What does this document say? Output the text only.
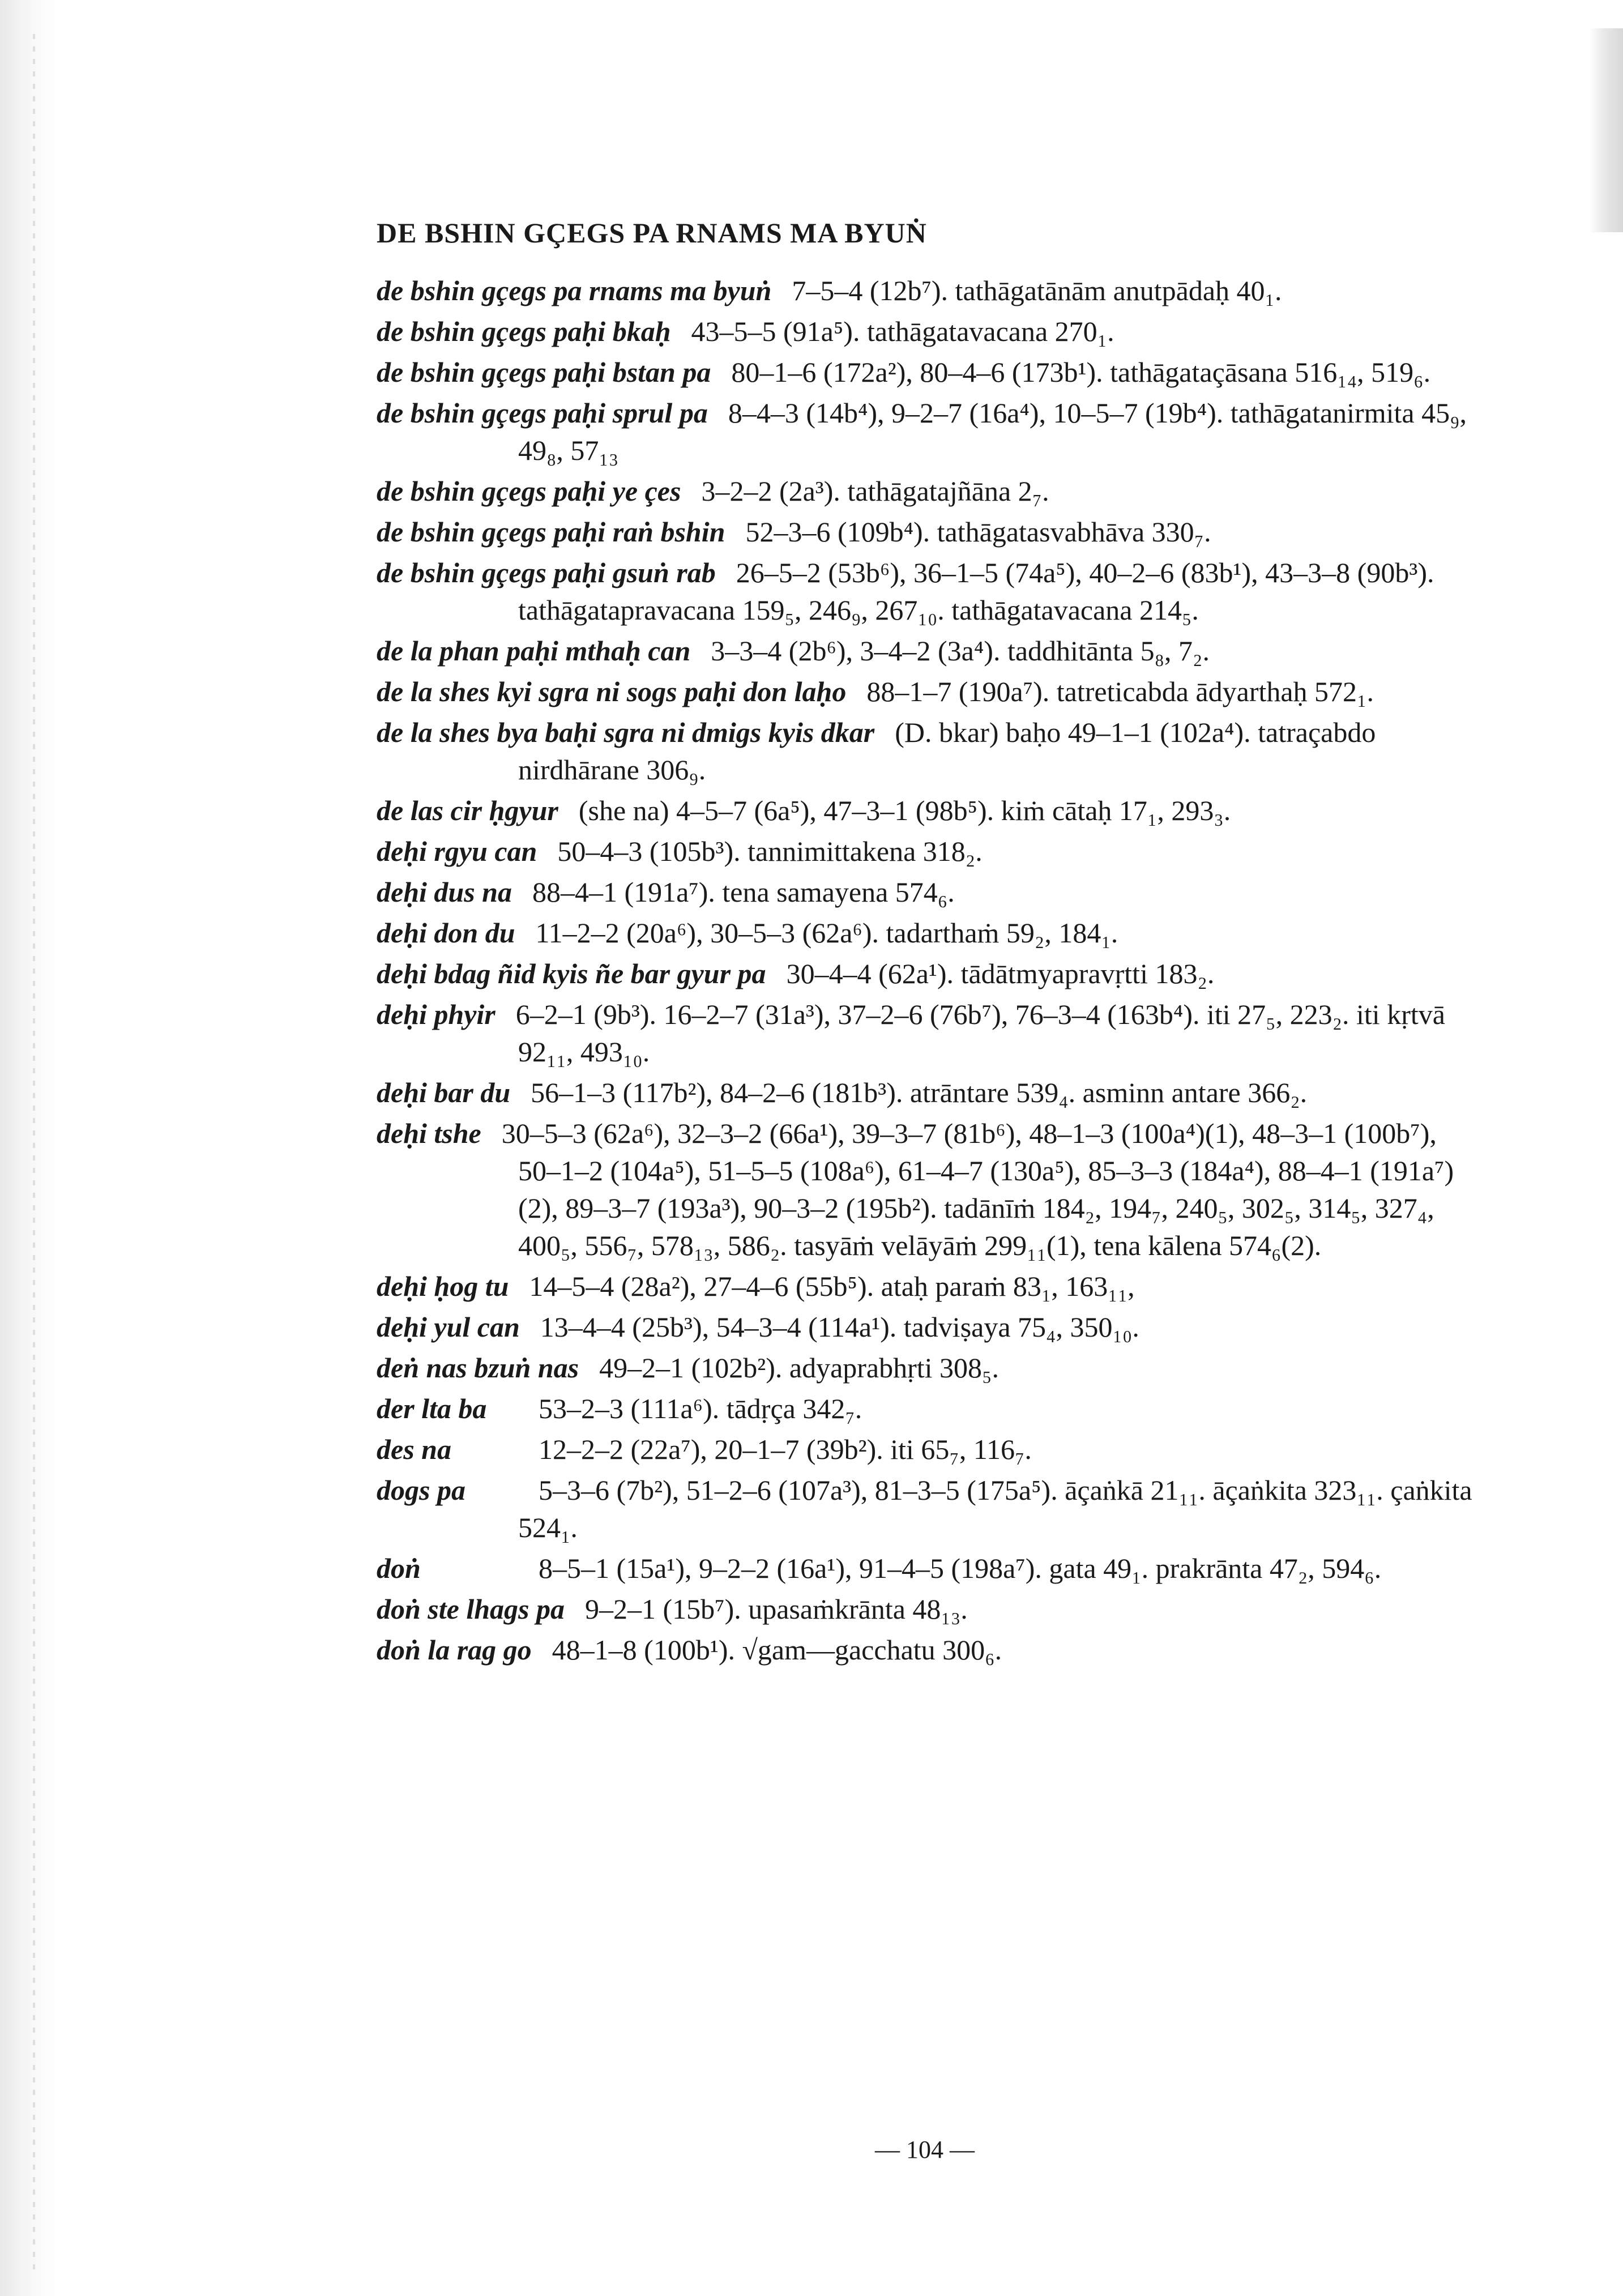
DE BSHIN GÇEGS PA RNAMS MA BYUṄ
de bshin gçegs pa rnams ma byuṅ 7–5–4 (12b⁷). tathāgatānām anutpādaḥ 40₁.
de bshin gçegs paḥi bkaḥ 43–5–5 (91a⁵). tathāgatavacana 270₁.
de bshin gçegs paḥi bstan pa 80–1–6 (172a²), 80–4–6 (173b¹). tathāgataçāsana 516₁₄, 519₆.
de bshin gçegs paḥi sprul pa 8–4–3 (14b⁴), 9–2–7 (16a⁴), 10–5–7 (19b⁴). tathāgatanirmita 45₉, 49₈, 57₁₃
de bshin gçegs paḥi ye çes 3–2–2 (2a³). tathāgatajñāna 2₇.
de bshin gçegs paḥi raṅ bshin 52–3–6 (109b⁴). tathāgatasvabhāva 330₇.
de bshin gçegs paḥi gsuṅ rab 26–5–2 (53b⁶), 36–1–5 (74a⁵), 40–2–6 (83b¹), 43–3–8 (90b³). tathāgatapravacana 159₅, 246₉, 267₁₀. tathāgatavacana 214₅.
de la phan paḥi mthaḥ can 3–3–4 (2b⁶), 3–4–2 (3a⁴). taddhitānta 5₈, 7₂.
de la shes kyi sgra ni sogs paḥi don laḥo 88–1–7 (190a⁷). tatreticabda ādyarthaḥ 572₁.
de la shes bya baḥi sgra ni dmigs kyis dkar (D. bkar) baḥo 49–1–1 (102a⁴). tatraçabdo nirdhārane 306₉.
de las cir ḥgyur (she na) 4–5–7 (6a⁵), 47–3–1 (98b⁵). kiṁ cātaḥ 17₁, 293₃.
deḥi rgyu can 50–4–3 (105b³). tannimittakena 318₂.
deḥi dus na 88–4–1 (191a⁷). tena samayena 574₆.
deḥi don du 11–2–2 (20a⁶), 30–5–3 (62a⁶). tadarthaṁ 59₂, 184₁.
deḥi bdag ñid kyis ñe bar gyur pa 30–4–4 (62a¹). tādātmyapravṛtti 183₂.
deḥi phyir 6–2–1 (9b³). 16–2–7 (31a³), 37–2–6 (76b⁷), 76–3–4 (163b⁴). iti 27₅, 223₂. iti kṛtvā 92₁₁, 493₁₀.
deḥi bar du 56–1–3 (117b²), 84–2–6 (181b³). atrāntare 539₄. asminn antare 366₂.
deḥi tshe 30–5–3 (62a⁶), 32–3–2 (66a¹), 39–3–7 (81b⁶), 48–1–3 (100a⁴)(1), 48–3–1 (100b⁷), 50–1–2 (104a⁵), 51–5–5 (108a⁶), 61–4–7 (130a⁵), 85–3–3 (184a⁴), 88–4–1 (191a⁷)(2), 89–3–7 (193a³), 90–3–2 (195b²). tadānīṁ 184₂, 194₇, 240₅, 302₅, 314₅, 327₄, 400₅, 556₇, 578₁₃, 586₂. tasyāṁ velāyāṁ 299₁₁(1), tena kālena 574₆(2).
deḥi ḥog tu 14–5–4 (28a²), 27–4–6 (55b⁵). ataḥ paraṁ 83₁, 163₁₁,
deḥi yul can 13–4–4 (25b³), 54–3–4 (114a¹). tadviṣaya 75₄, 350₁₀.
deṅ nas bzuṅ nas 49–2–1 (102b²). adyaprabhṛti 308₅.
der lta ba 53–2–3 (111a⁶). tādṛça 342₇.
des na	12–2–2 (22a⁷), 20–1–7 (39b²). iti 65₇, 116₇.
dogs pa	5–3–6 (7b²), 51–2–6 (107a³), 81–3–5 (175a⁵). āçaṅkā 21₁₁. āçaṅkita 323₁₁. çaṅkita 524₁.
doṅ	8–5–1 (15a¹), 9–2–2 (16a¹), 91–4–5 (198a⁷). gata 49₁. prakrānta 47₂, 594₆.
doṅ ste lhags pa 9–2–1 (15b⁷). upasaṁkrānta 48₁₃.
doṅ la rag go 48–1–8 (100b¹). √gam—gacchatu 300₆.
— 104 —
